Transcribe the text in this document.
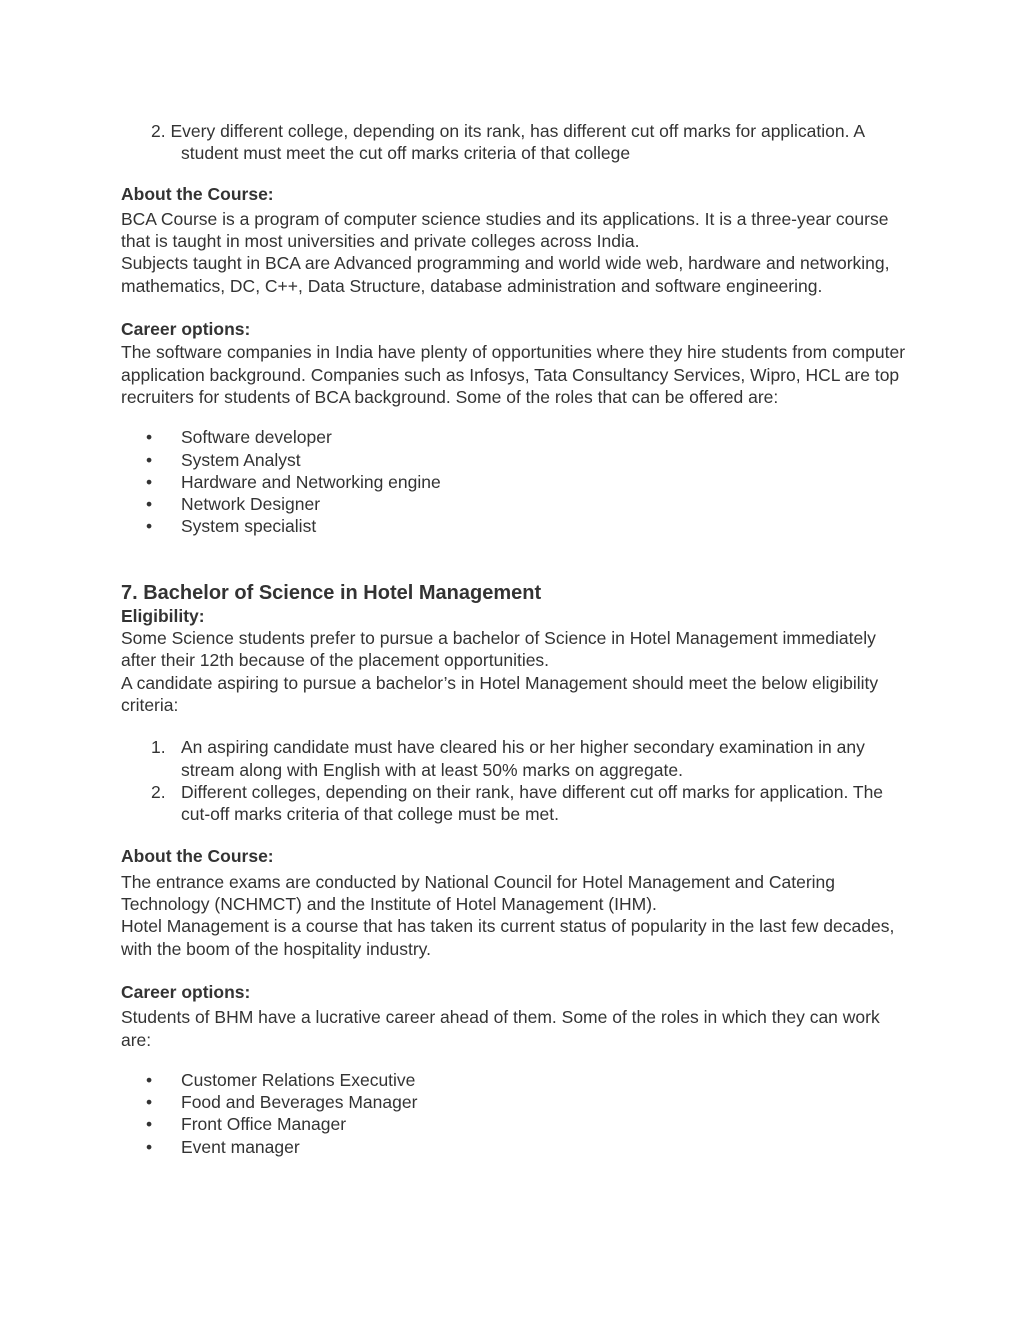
2. Every different college, depending on its rank, has different cut off marks for application. A student must meet the cut off marks criteria of that college

About the Course:

BCA Course is a program of computer science studies and its applications. It is a three-year course that is taught in most universities and private colleges across India.

Subjects taught in BCA are Advanced programming and world wide web, hardware and networking, mathematics, DC, C++, Data Structure, database administration and software engineering.

Career options:

The software companies in India have plenty of opportunities where they hire students from computer application background. Companies such as Infosys, Tata Consultancy Services, Wipro, HCL are top recruiters for students of BCA background. Some of the roles that can be offered are:

• Software developer
• System Analyst
• Hardware and Networking engine
• Network Designer
• System specialist
7. Bachelor of Science in Hotel Management

Eligibility:

Some Science students prefer to pursue a bachelor of Science in Hotel Management immediately after their 12th because of the placement opportunities.

A candidate aspiring to pursue a bachelor’s in Hotel Management should meet the below eligibility criteria:

1. An aspiring candidate must have cleared his or her higher secondary examination in any stream along with English with at least 50% marks on aggregate.
2. Different colleges, depending on their rank, have different cut off marks for application. The cut-off marks criteria of that college must be met.

About the Course:

The entrance exams are conducted by National Council for Hotel Management and Catering Technology (NCHMCT) and the Institute of Hotel Management (IHM).

Hotel Management is a course that has taken its current status of popularity in the last few decades, with the boom of the hospitality industry.

Career options:

Students of BHM have a lucrative career ahead of them. Some of the roles in which they can work are:

• Customer Relations Executive
• Food and Beverages Manager
• Front Office Manager
• Event manager
